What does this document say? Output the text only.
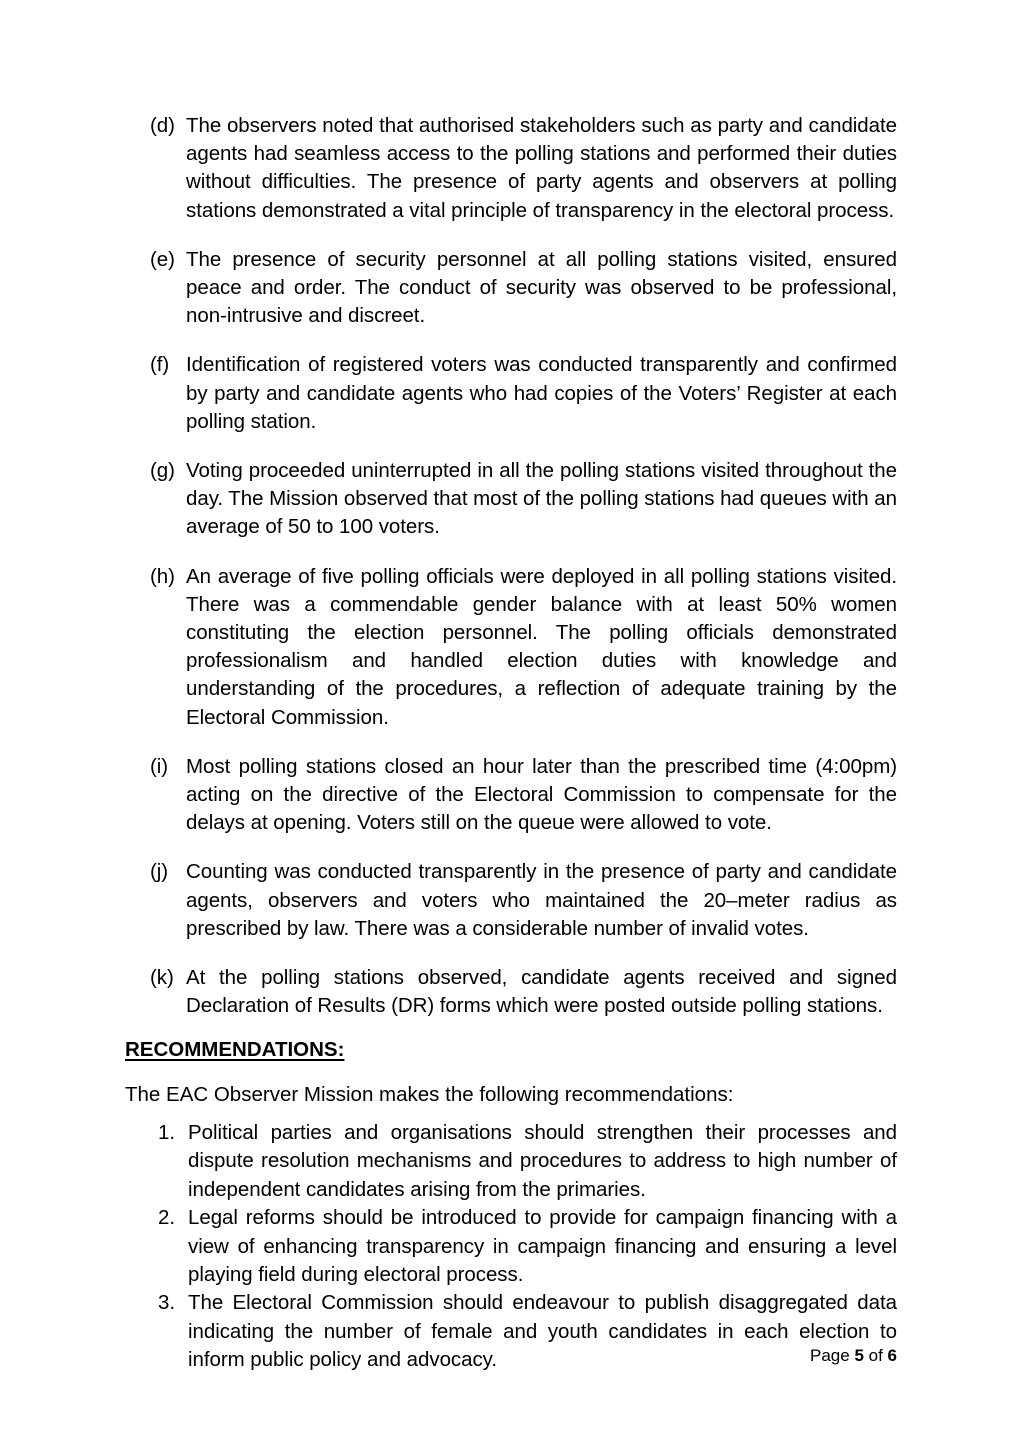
(d) The observers noted that authorised stakeholders such as party and candidate agents had seamless access to the polling stations and performed their duties without difficulties. The presence of party agents and observers at polling stations demonstrated a vital principle of transparency in the electoral process.
(e) The presence of security personnel at all polling stations visited, ensured peace and order. The conduct of security was observed to be professional, non-intrusive and discreet.
(f) Identification of registered voters was conducted transparently and confirmed by party and candidate agents who had copies of the Voters’ Register at each polling station.
(g) Voting proceeded uninterrupted in all the polling stations visited throughout the day. The Mission observed that most of the polling stations had queues with an average of 50 to 100 voters.
(h) An average of five polling officials were deployed in all polling stations visited. There was a commendable gender balance with at least 50% women constituting the election personnel. The polling officials demonstrated professionalism and handled election duties with knowledge and understanding of the procedures, a reflection of adequate training by the Electoral Commission.
(i) Most polling stations closed an hour later than the prescribed time (4:00pm) acting on the directive of the Electoral Commission to compensate for the delays at opening. Voters still on the queue were allowed to vote.
(j) Counting was conducted transparently in the presence of party and candidate agents, observers and voters who maintained the 20–meter radius as prescribed by law. There was a considerable number of invalid votes.
(k) At the polling stations observed, candidate agents received and signed Declaration of Results (DR) forms which were posted outside polling stations.

RECOMMENDATIONS:

The EAC Observer Mission makes the following recommendations:

1. Political parties and organisations should strengthen their processes and dispute resolution mechanisms and procedures to address to high number of independent candidates arising from the primaries.
2. Legal reforms should be introduced to provide for campaign financing with a view of enhancing transparency in campaign financing and ensuring a level playing field during electoral process.
3. The Electoral Commission should endeavour to publish disaggregated data indicating the number of female and youth candidates in each election to inform public policy and advocacy.	Page 5 of 6
